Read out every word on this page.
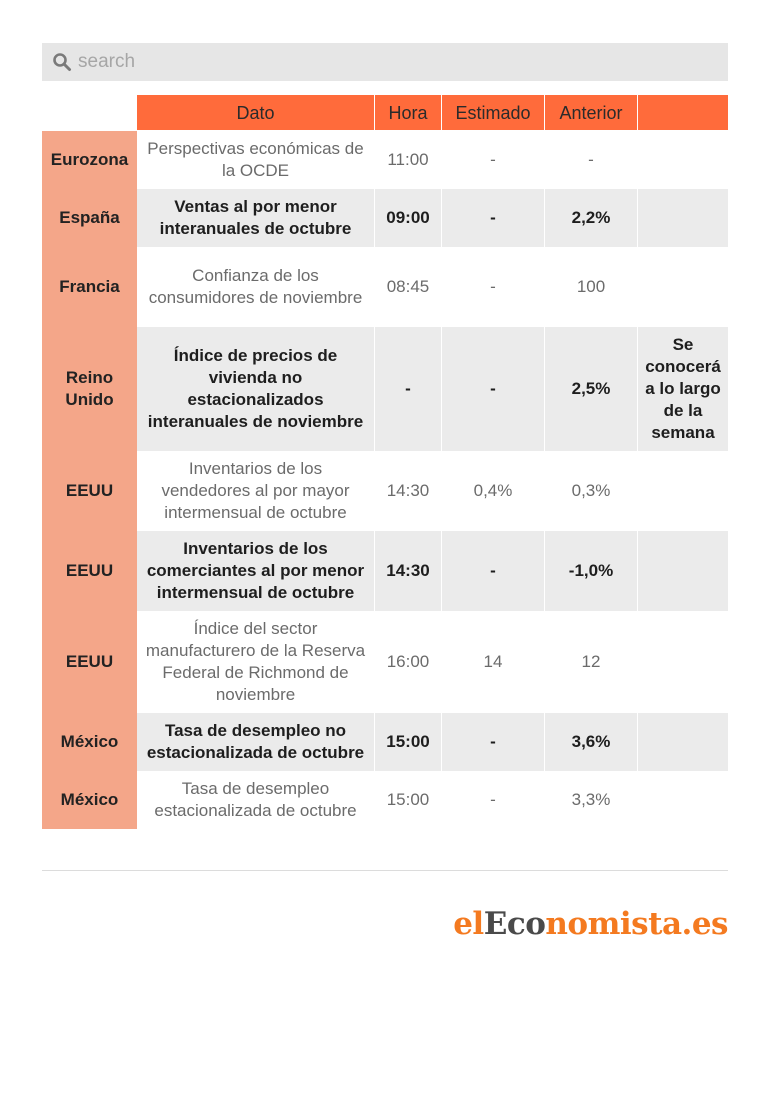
search
Dato	Hora	Estimado	Anterior
Eurozona
Perspectivas económicas de la OCDE
11:00	-	-
España
Ventas al por menor interanuales de octubre
09:00	-	2,2%
Francia
Confianza de los consumidores de noviembre
08:45	-	100
Reino Unido
Índice de precios de vivienda no estacionalizados interanuales de noviembre
-	-	2,5%
Se conocerá a lo largo de la semana
EEUU
Inventarios de los vendedores al por mayor intermensual de octubre
14:30	0,4%	0,3%
EEUU
Inventarios de los comerciantes al por menor intermensual de octubre
14:30	-	-1,0%
EEUU
Índice del sector manufacturero de la Reserva Federal de Richmond de noviembre
16:00	14	12
México
Tasa de desempleo no estacionalizada de octubre
15:00	-	3,6%
México
Tasa de desempleo estacionalizada de octubre
15:00	-	3,3%
elEconomista.es
